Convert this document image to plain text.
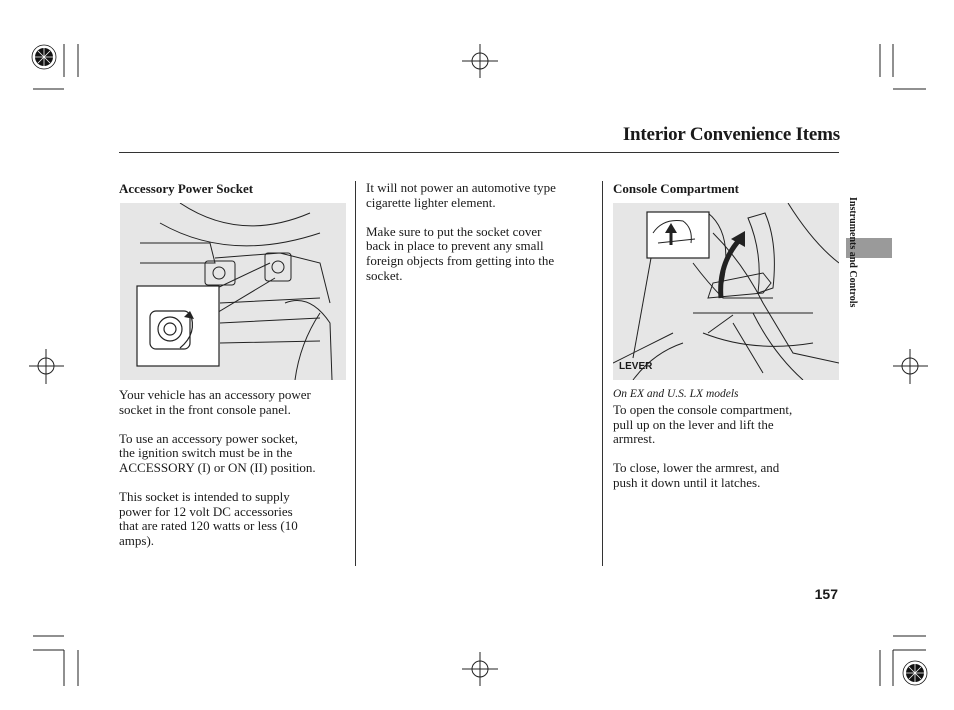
Interior Convenience Items
Accessory Power Socket

Your vehicle has an accessory power
socket in the front console panel.

To use an accessory power socket,
the ignition switch must be in the
ACCESSORY (I) or ON (II) position.

This socket is intended to supply
power for 12 volt DC accessories
that are rated 120 watts or less (10
amps).

It will not power an automotive type
cigarette lighter element.

Make sure to put the socket cover
back in place to prevent any small
foreign objects from getting into the
socket.

Console Compartment
LEVER
On EX and U.S. LX models

To open the console compartment,
pull up on the lever and lift the
armrest.

To close, lower the armrest, and
push it down until it latches.

Instruments and Controls
157
